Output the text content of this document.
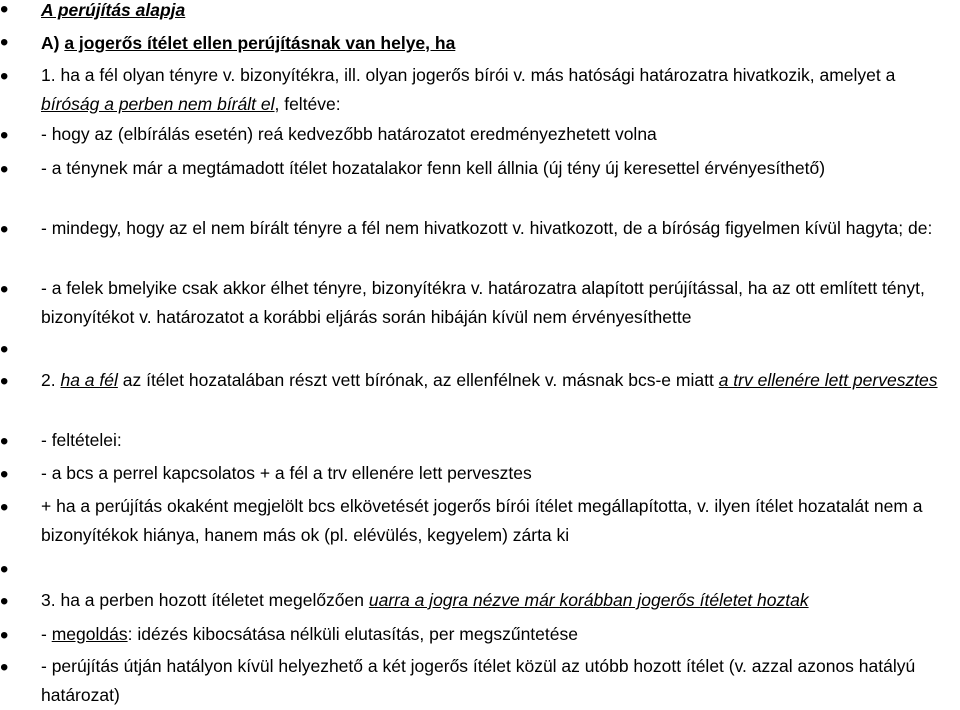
•
A perújítás alapja
•
A) a jogerős ítélet ellen perújításnak van helye, ha
•
1. ha a fél olyan tényre v. bizonyítékra, ill. olyan jogerős bírói v. más hatósági határozatra hivatkozik, amelyet a bíróság a perben nem bírált el, feltéve:
•
- hogy az (elbírálás esetén) reá kedvezőbb határozatot eredményezhetett volna
•
- a ténynek már a megtámadott ítélet hozatalakor fenn kell állnia (új tény új keresettel érvényesíthető)
•
- mindegy, hogy az el nem bírált tényre a fél nem hivatkozott v. hivatkozott, de a bíróság figyelmen kívül hagyta; de:
•
- a felek bmelyike csak akkor élhet tényre, bizonyítékra v. határozatra alapított perújítással, ha az ott említett tényt, bizonyítékot v. határozatot a korábbi eljárás során hibáján kívül nem érvényesíthette
•
•
2. ha a fél az ítélet hozatalában részt vett bírónak, az ellenfélnek v. másnak bcs-e miatt a trv ellenére lett pervesztes
•
- feltételei:
•
- a bcs a perrel kapcsolatos + a fél a trv ellenére lett pervesztes
•
+ ha a perújítás okaként megjelölt bcs elkövetését jogerős bírói ítélet megállapította, v. ilyen ítélet hozatalát nem a bizonyítékok hiánya, hanem más ok (pl. elévülés, kegyelem) zárta ki
•
•
3. ha a perben hozott ítéletet megelőzően uarra a jogra nézve már korábban jogerős ítéletet hoztak
•
- megoldás: idézés kibocsátása nélküli elutasítás, per megszűntetése
•
- perújítás útján hatályon kívül helyezhető a két jogerős ítélet közül az utóbb hozott ítélet (v. azzal azonos hatályú határozat)
